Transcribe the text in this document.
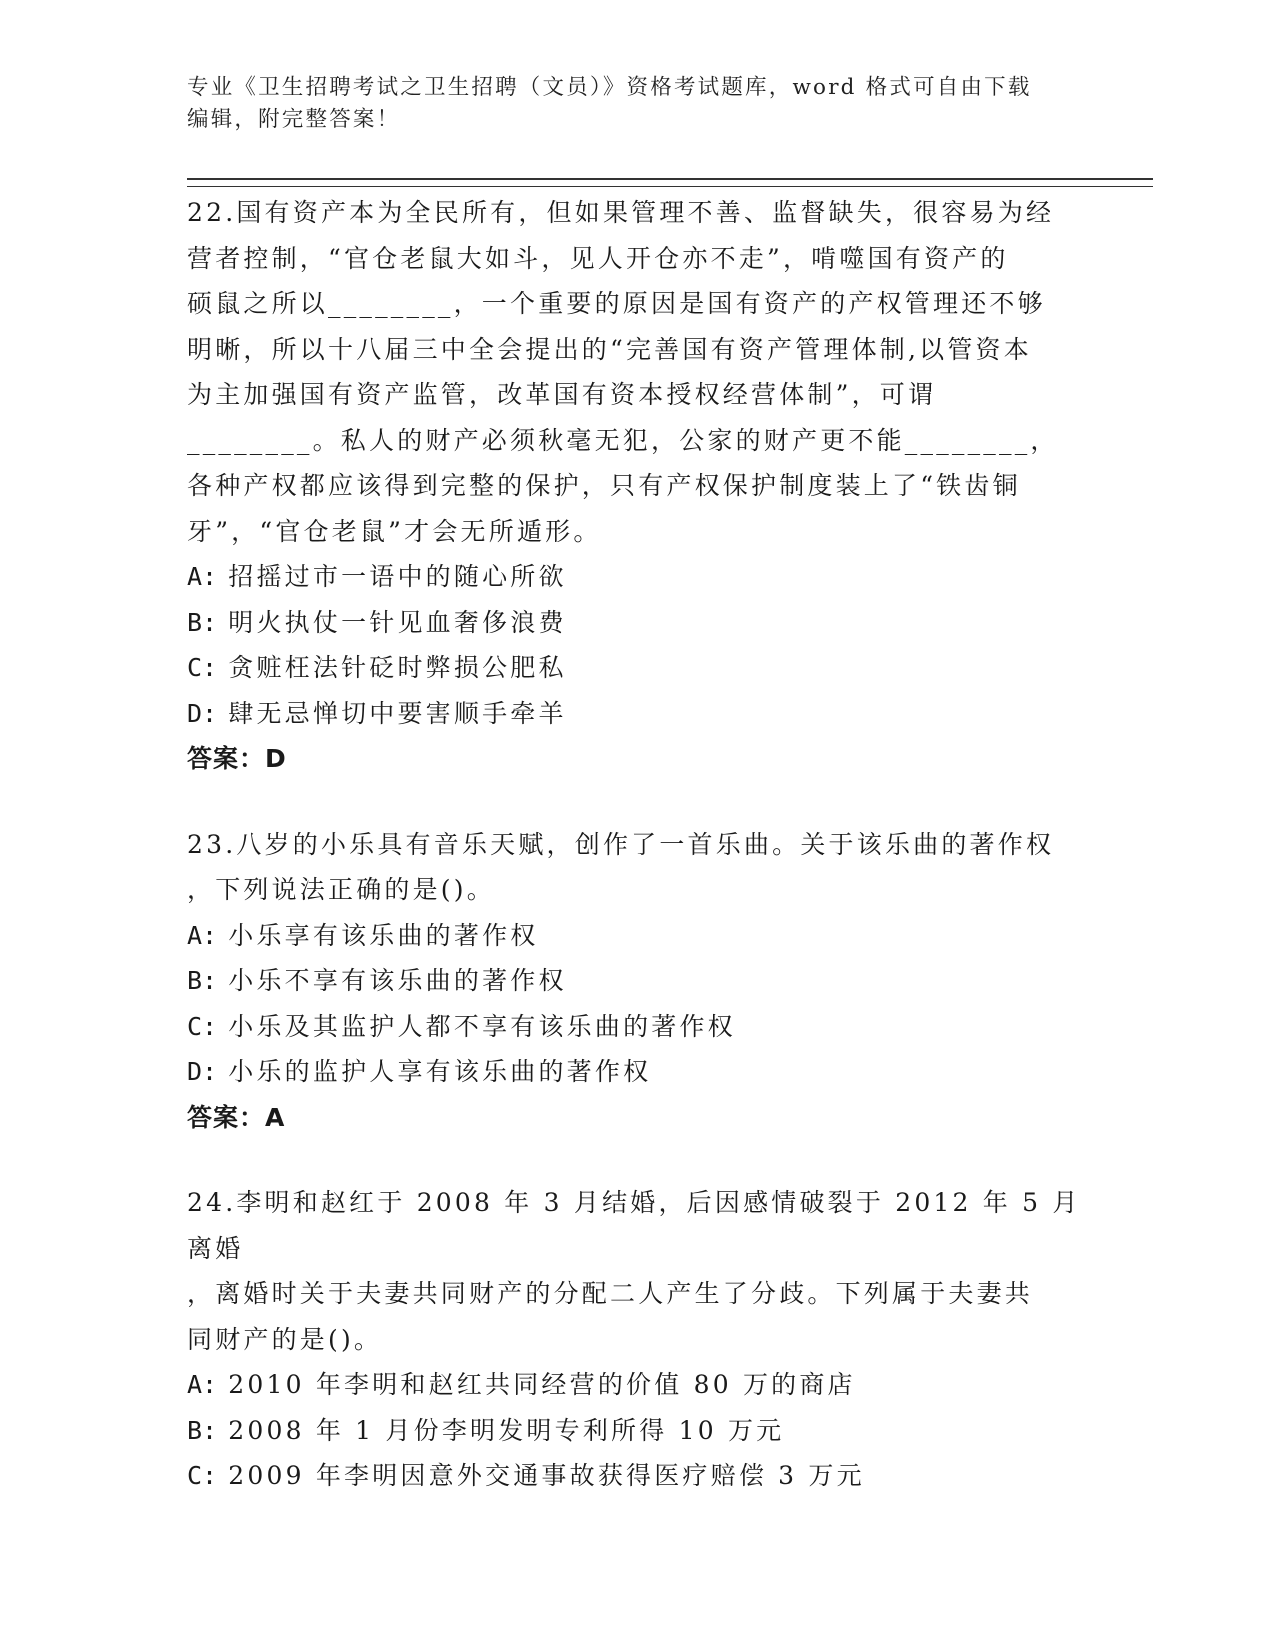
专业《卫生招聘考试之卫生招聘（文员）》资格考试题库，word 格式可自由下载
编辑，附完整答案！

22.国有资产本为全民所有，但如果管理不善、监督缺失，很容易为经

营者控制，“官仓老鼠大如斗，见人开仓亦不走”，啃噬国有资产的

硕鼠之所以________，一个重要的原因是国有资产的产权管理还不够

明晰，所以十八届三中全会提出的“完善国有资产管理体制,以管资本

为主加强国有资产监管，改革国有资本授权经营体制”，可谓

________。私人的财产必须秋毫无犯，公家的财产更不能________，

各种产权都应该得到完整的保护，只有产权保护制度装上了“铁齿铜

牙”，“官仓老鼠”才会无所遁形。

A: 招摇过市一语中的随心所欲

B: 明火执仗一针见血奢侈浪费

C: 贪赃枉法针砭时弊损公肥私

D: 肆无忌惮切中要害顺手牵羊

答案：D

23.八岁的小乐具有音乐天赋，创作了一首乐曲。关于该乐曲的著作权

，下列说法正确的是()。

A: 小乐享有该乐曲的著作权

B: 小乐不享有该乐曲的著作权

C: 小乐及其监护人都不享有该乐曲的著作权

D: 小乐的监护人享有该乐曲的著作权

答案：A

24.李明和赵红于 2008 年 3 月结婚，后因感情破裂于 2012 年 5 月离婚

，离婚时关于夫妻共同财产的分配二人产生了分歧。下列属于夫妻共

同财产的是()。

A: 2010 年李明和赵红共同经营的价值 80 万的商店

B: 2008 年 1 月份李明发明专利所得 10 万元

C: 2009 年李明因意外交通事故获得医疗赔偿 3 万元
